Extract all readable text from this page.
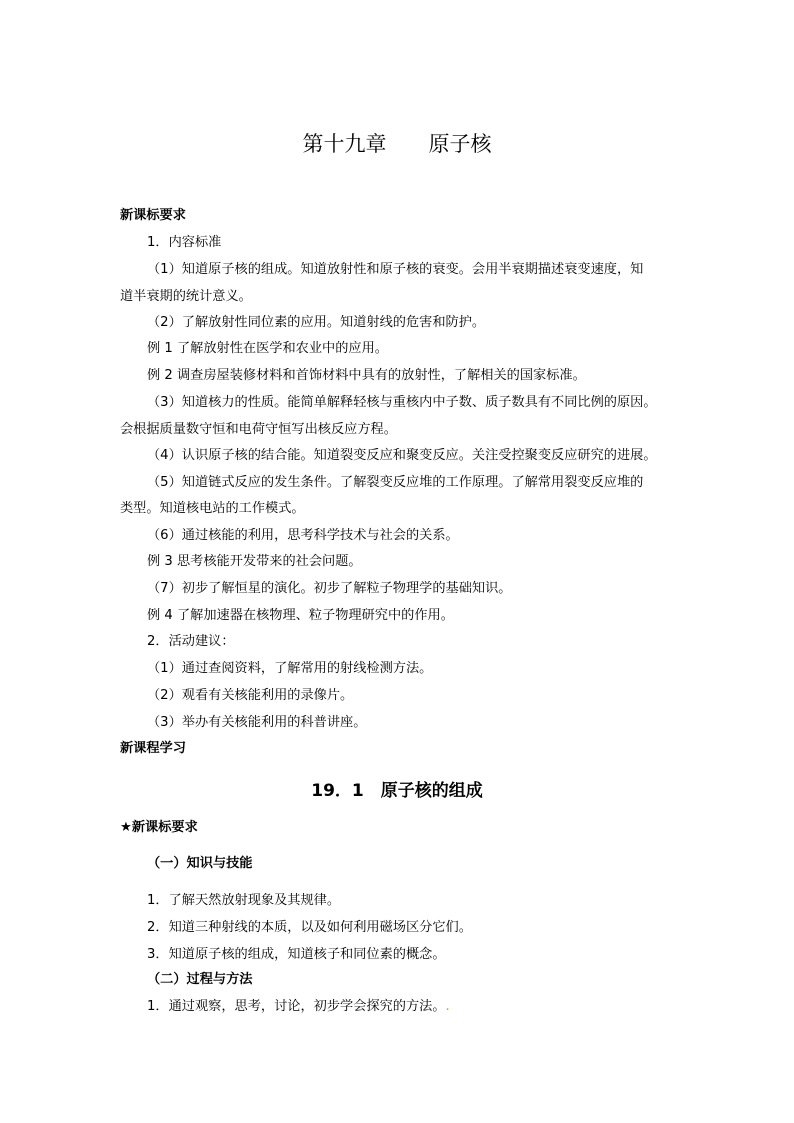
第十九章　　原子核
新课标要求
1．内容标准
（1）知道原子核的组成。知道放射性和原子核的衰变。会用半衰期描述衰变速度，知
道半衰期的统计意义。
（2）了解放射性同位素的应用。知道射线的危害和防护。
例 1 了解放射性在医学和农业中的应用。
例 2 调查房屋装修材料和首饰材料中具有的放射性，了解相关的国家标准。
（3）知道核力的性质。能简单解释轻核与重核内中子数、质子数具有不同比例的原因。
会根据质量数守恒和电荷守恒写出核反应方程。
（4）认识原子核的结合能。知道裂变反应和聚变反应。关注受控聚变反应研究的进展。
（5）知道链式反应的发生条件。了解裂变反应堆的工作原理。了解常用裂变反应堆的
类型。知道核电站的工作模式。
（6）通过核能的利用，思考科学技术与社会的关系。
例 3 思考核能开发带来的社会问题。
（7）初步了解恒星的演化。初步了解粒子物理学的基础知识。
例 4 了解加速器在核物理、粒子物理研究中的作用。
2．活动建议：
（1）通过查阅资料，了解常用的射线检测方法。
（2）观看有关核能利用的录像片。
（3）举办有关核能利用的科普讲座。
新课程学习
19．1　原子核的组成
★新课标要求
（一）知识与技能
1．了解天然放射现象及其规律。
2．知道三种射线的本质，以及如何利用磁场区分它们。
3．知道原子核的组成，知道核子和同位素的概念。
（二）过程与方法
1．通过观察，思考，讨论，初步学会探究的方法。.
